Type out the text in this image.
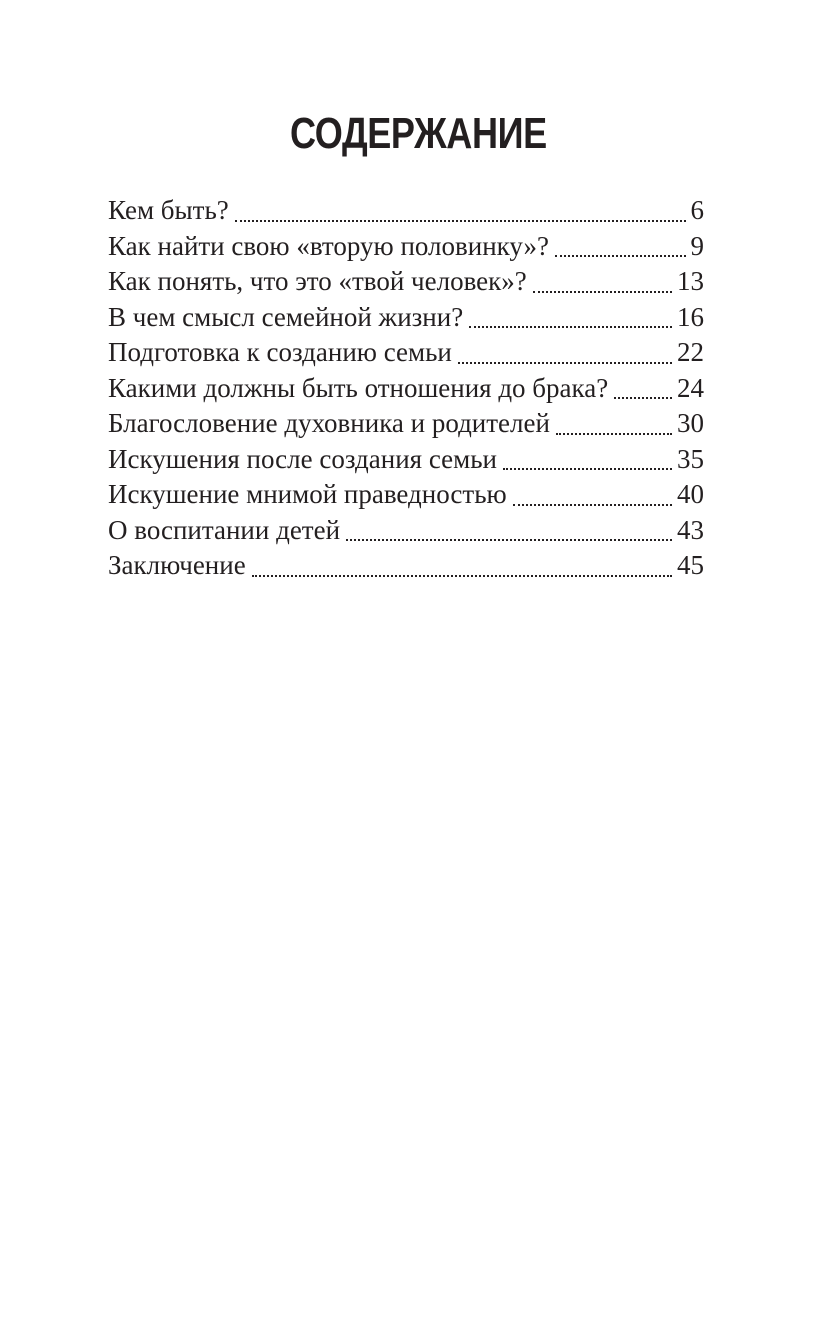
СОДЕРЖАНИЕ
Кем быть?	6
Как найти свою «вторую половинку»?	9
Как понять, что это «твой человек»?	13
В чем смысл семейной жизни?	16
Подготовка к созданию семьи	22
Какими должны быть отношения до брака?	24
Благословение духовника и родителей	30
Искушения после создания семьи	35
Искушение мнимой праведностью	40
О воспитании детей	43
Заключение	45
